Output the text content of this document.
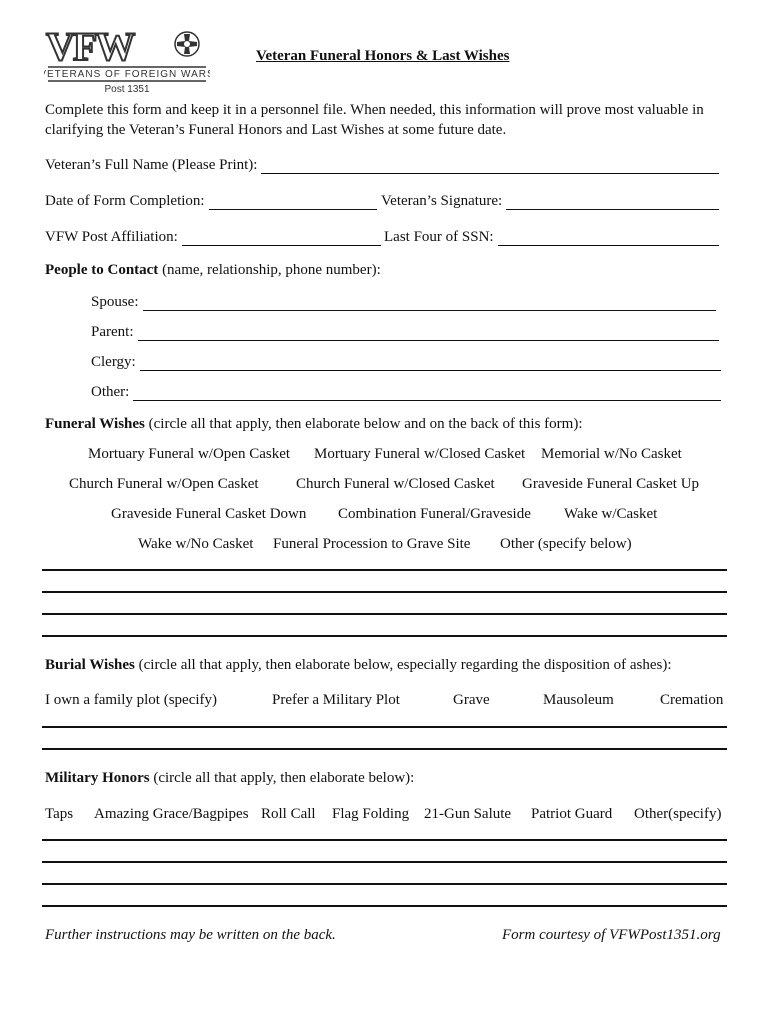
VFW
VETERANS OF FOREIGN WARS
Post 1351
Veteran Funeral Honors & Last Wishes
Complete this form and keep it in a personnel file. When needed, this information will prove most valuable in clarifying the Veteran’s Funeral Honors and Last Wishes at some future date.
Veteran’s Full Name (Please Print):
Date of Form Completion:	Veteran’s Signature:
VFW Post Affiliation:	Last Four of SSN:
People to Contact (name, relationship, phone number):
Spouse:
Parent:
Clergy:
Other:
Funeral Wishes (circle all that apply, then elaborate below and on the back of this form):
Mortuary Funeral w/Open Casket Mortuary Funeral w/Closed Casket Memorial w/No Casket
Church Funeral w/Open Casket Church Funeral w/Closed Casket Graveside Funeral Casket Up
Graveside Funeral Casket Down Combination Funeral/Graveside Wake w/Casket
Wake w/No Casket Funeral Procession to Grave Site Other (specify below)
Burial Wishes (circle all that apply, then elaborate below, especially regarding the disposition of ashes):
I own a family plot (specify)	Prefer a Military Plot	Grave	Mausoleum	Cremation
Military Honors (circle all that apply, then elaborate below):
Taps Amazing Grace/Bagpipes Roll Call Flag Folding 21-Gun Salute Patriot Guard Other(specify)
Further instructions may be written on the back.	Form courtesy of VFWPost1351.org
